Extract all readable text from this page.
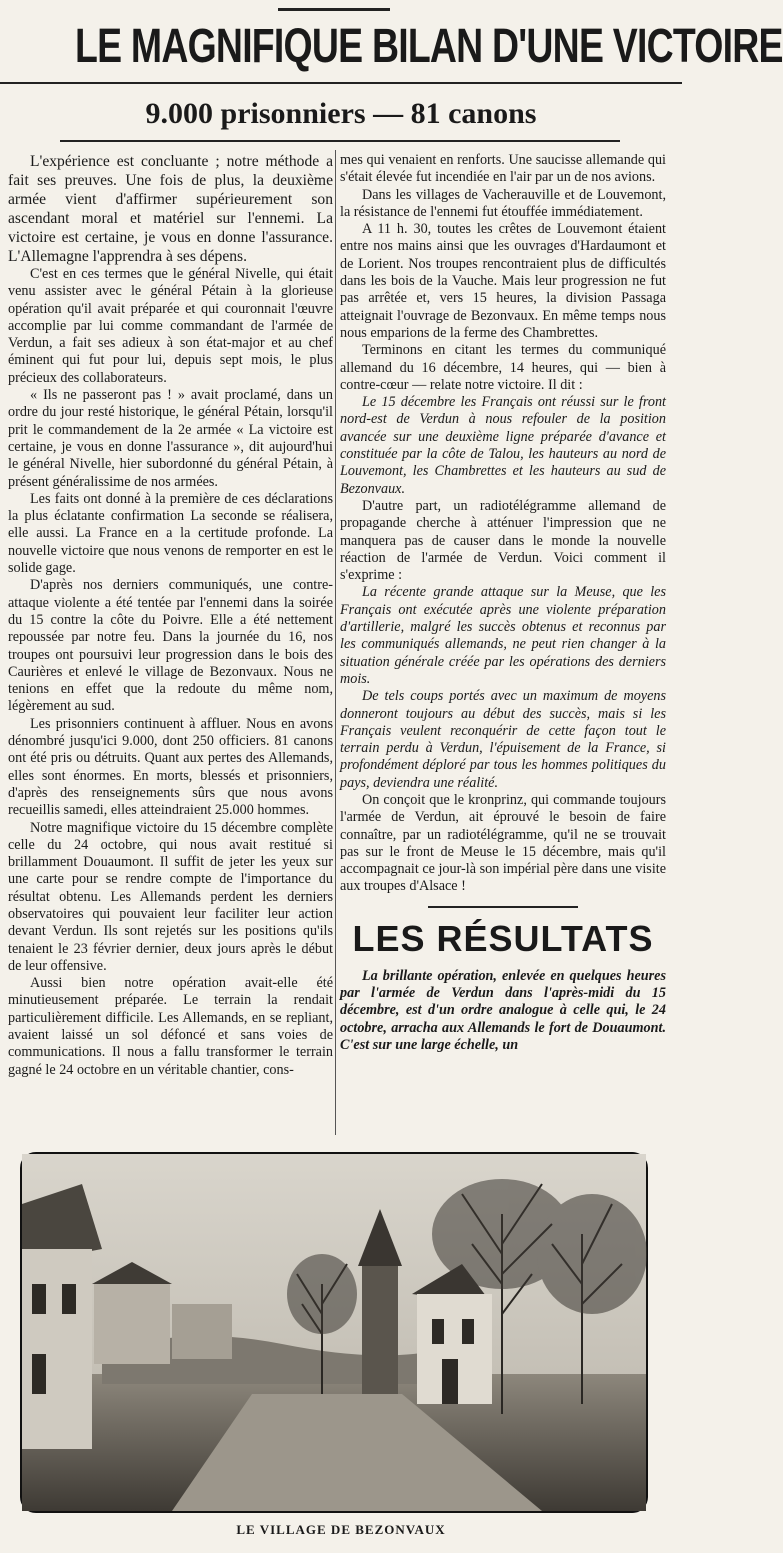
LE MAGNIFIQUE BILAN D'UNE VICTOIRE
9.000 prisonniers — 81 canons

L'expérience est concluante ; notre méthode a fait ses preuves. Une fois de plus, la deuxième armée vient d'affirmer supérieurement son ascendant moral et matériel sur l'ennemi. La victoire est certaine, je vous en donne l'assurance. L'Allemagne l'apprendra à ses dépens.

C'est en ces termes que le général Nivelle, qui était venu assister avec le général Pétain à la glorieuse opération qu'il avait préparée et qui couronnait l'œuvre accomplie par lui comme commandant de l'armée de Verdun, a fait ses adieux à son état-major et au chef éminent qui fut pour lui, depuis sept mois, le plus précieux des collaborateurs.

« Ils ne passeront pas ! » avait proclamé, dans un ordre du jour resté historique, le général Pétain, lorsqu'il prit le commandement de la 2e armée « La victoire est certaine, je vous en donne l'assurance », dit aujourd'hui le général Nivelle, hier subordonné du général Pétain, à présent généralissime de nos armées.

Les faits ont donné à la première de ces déclarations la plus éclatante confirmation La seconde se réalisera, elle aussi. La France en a la certitude profonde. La nouvelle victoire que nous venons de remporter en est le solide gage.

D'après nos derniers communiqués, une contre-attaque violente a été tentée par l'ennemi dans la soirée du 15 contre la côte du Poivre. Elle a été nettement repoussée par notre feu. Dans la journée du 16, nos troupes ont poursuivi leur progression dans le bois des Caurières et enlevé le village de Bezonvaux. Nous ne tenions en effet que la redoute du même nom, légèrement au sud.

Les prisonniers continuent à affluer. Nous en avons dénombré jusqu'ici 9.000, dont 250 officiers. 81 canons ont été pris ou détruits. Quant aux pertes des Allemands, elles sont énormes. En morts, blessés et prisonniers, d'après des renseignements sûrs que nous avons recueillis samedi, elles atteindraient 25.000 hommes.

Notre magnifique victoire du 15 décembre complète celle du 24 octobre, qui nous avait restitué si brillamment Douaumont. Il suffit de jeter les yeux sur une carte pour se rendre compte de l'importance du résultat obtenu. Les Allemands perdent les derniers observatoires qui pouvaient leur faciliter leur action devant Verdun. Ils sont rejetés sur les positions qu'ils tenaient le 23 février dernier, deux jours après le début de leur offensive.

Aussi bien notre opération avait-elle été minutieusement préparée. Le terrain la rendait particulièrement difficile. Les Allemands, en se repliant, avaient laissé un sol défoncé et sans voies de communications. Il nous a fallu transformer le terrain gagné le 24 octobre en un véritable chantier, cons-

mes qui venaient en renforts. Une saucisse allemande qui s'était élevée fut incendiée en l'air par un de nos avions.

Dans les villages de Vacherauville et de Louvemont, la résistance de l'ennemi fut étouffée immédiatement.

A 11 h. 30, toutes les crêtes de Louvemont étaient entre nos mains ainsi que les ouvrages d'Hardaumont et de Lorient. Nos troupes rencontraient plus de difficultés dans les bois de la Vauche. Mais leur progression ne fut pas arrêtée et, vers 15 heures, la division Passaga atteignait l'ouvrage de Bezonvaux. En même temps nous nous emparions de la ferme des Chambrettes.

Terminons en citant les termes du communiqué allemand du 16 décembre, 14 heures, qui — bien à contre-cœur — relate notre victoire. Il dit :

Le 15 décembre les Français ont réussi sur le front nord-est de Verdun à nous refouler de la position avancée sur une deuxième ligne préparée d'avance et constituée par la côte de Talou, les hauteurs au nord de Louvemont, les Chambrettes et les hauteurs au sud de Bezonvaux.

D'autre part, un radiotélégramme allemand de propagande cherche à atténuer l'impression que ne manquera pas de causer dans le monde la nouvelle réaction de l'armée de Verdun. Voici comment il s'exprime :

La récente grande attaque sur la Meuse, que les Français ont exécutée après une violente préparation d'artillerie, malgré les succès obtenus et reconnus par les communiqués allemands, ne peut rien changer à la situation générale créée par les opérations des derniers mois.

De tels coups portés avec un maximum de moyens donneront toujours au début des succès, mais si les Français veulent reconquérir de cette façon tout le terrain perdu à Verdun, l'épuisement de la France, si profondément déploré par tous les hommes politiques du pays, deviendra une réalité.

On conçoit que le kronprinz, qui commande toujours l'armée de Verdun, ait éprouvé le besoin de faire connaître, par un radiotélégramme, qu'il ne se trouvait pas sur le front de Meuse le 15 décembre, mais qu'il accompagnait ce jour-là son impérial père dans une visite aux troupes d'Alsace !

LES RÉSULTATS

La brillante opération, enlevée en quelques heures par l'armée de Verdun dans l'après-midi du 15 décembre, est d'un ordre analogue à celle qui, le 24 octobre, arracha aux Allemands le fort de Douaumont. C'est sur une large échelle, un

LE VILLAGE DE BEZONVAUX
